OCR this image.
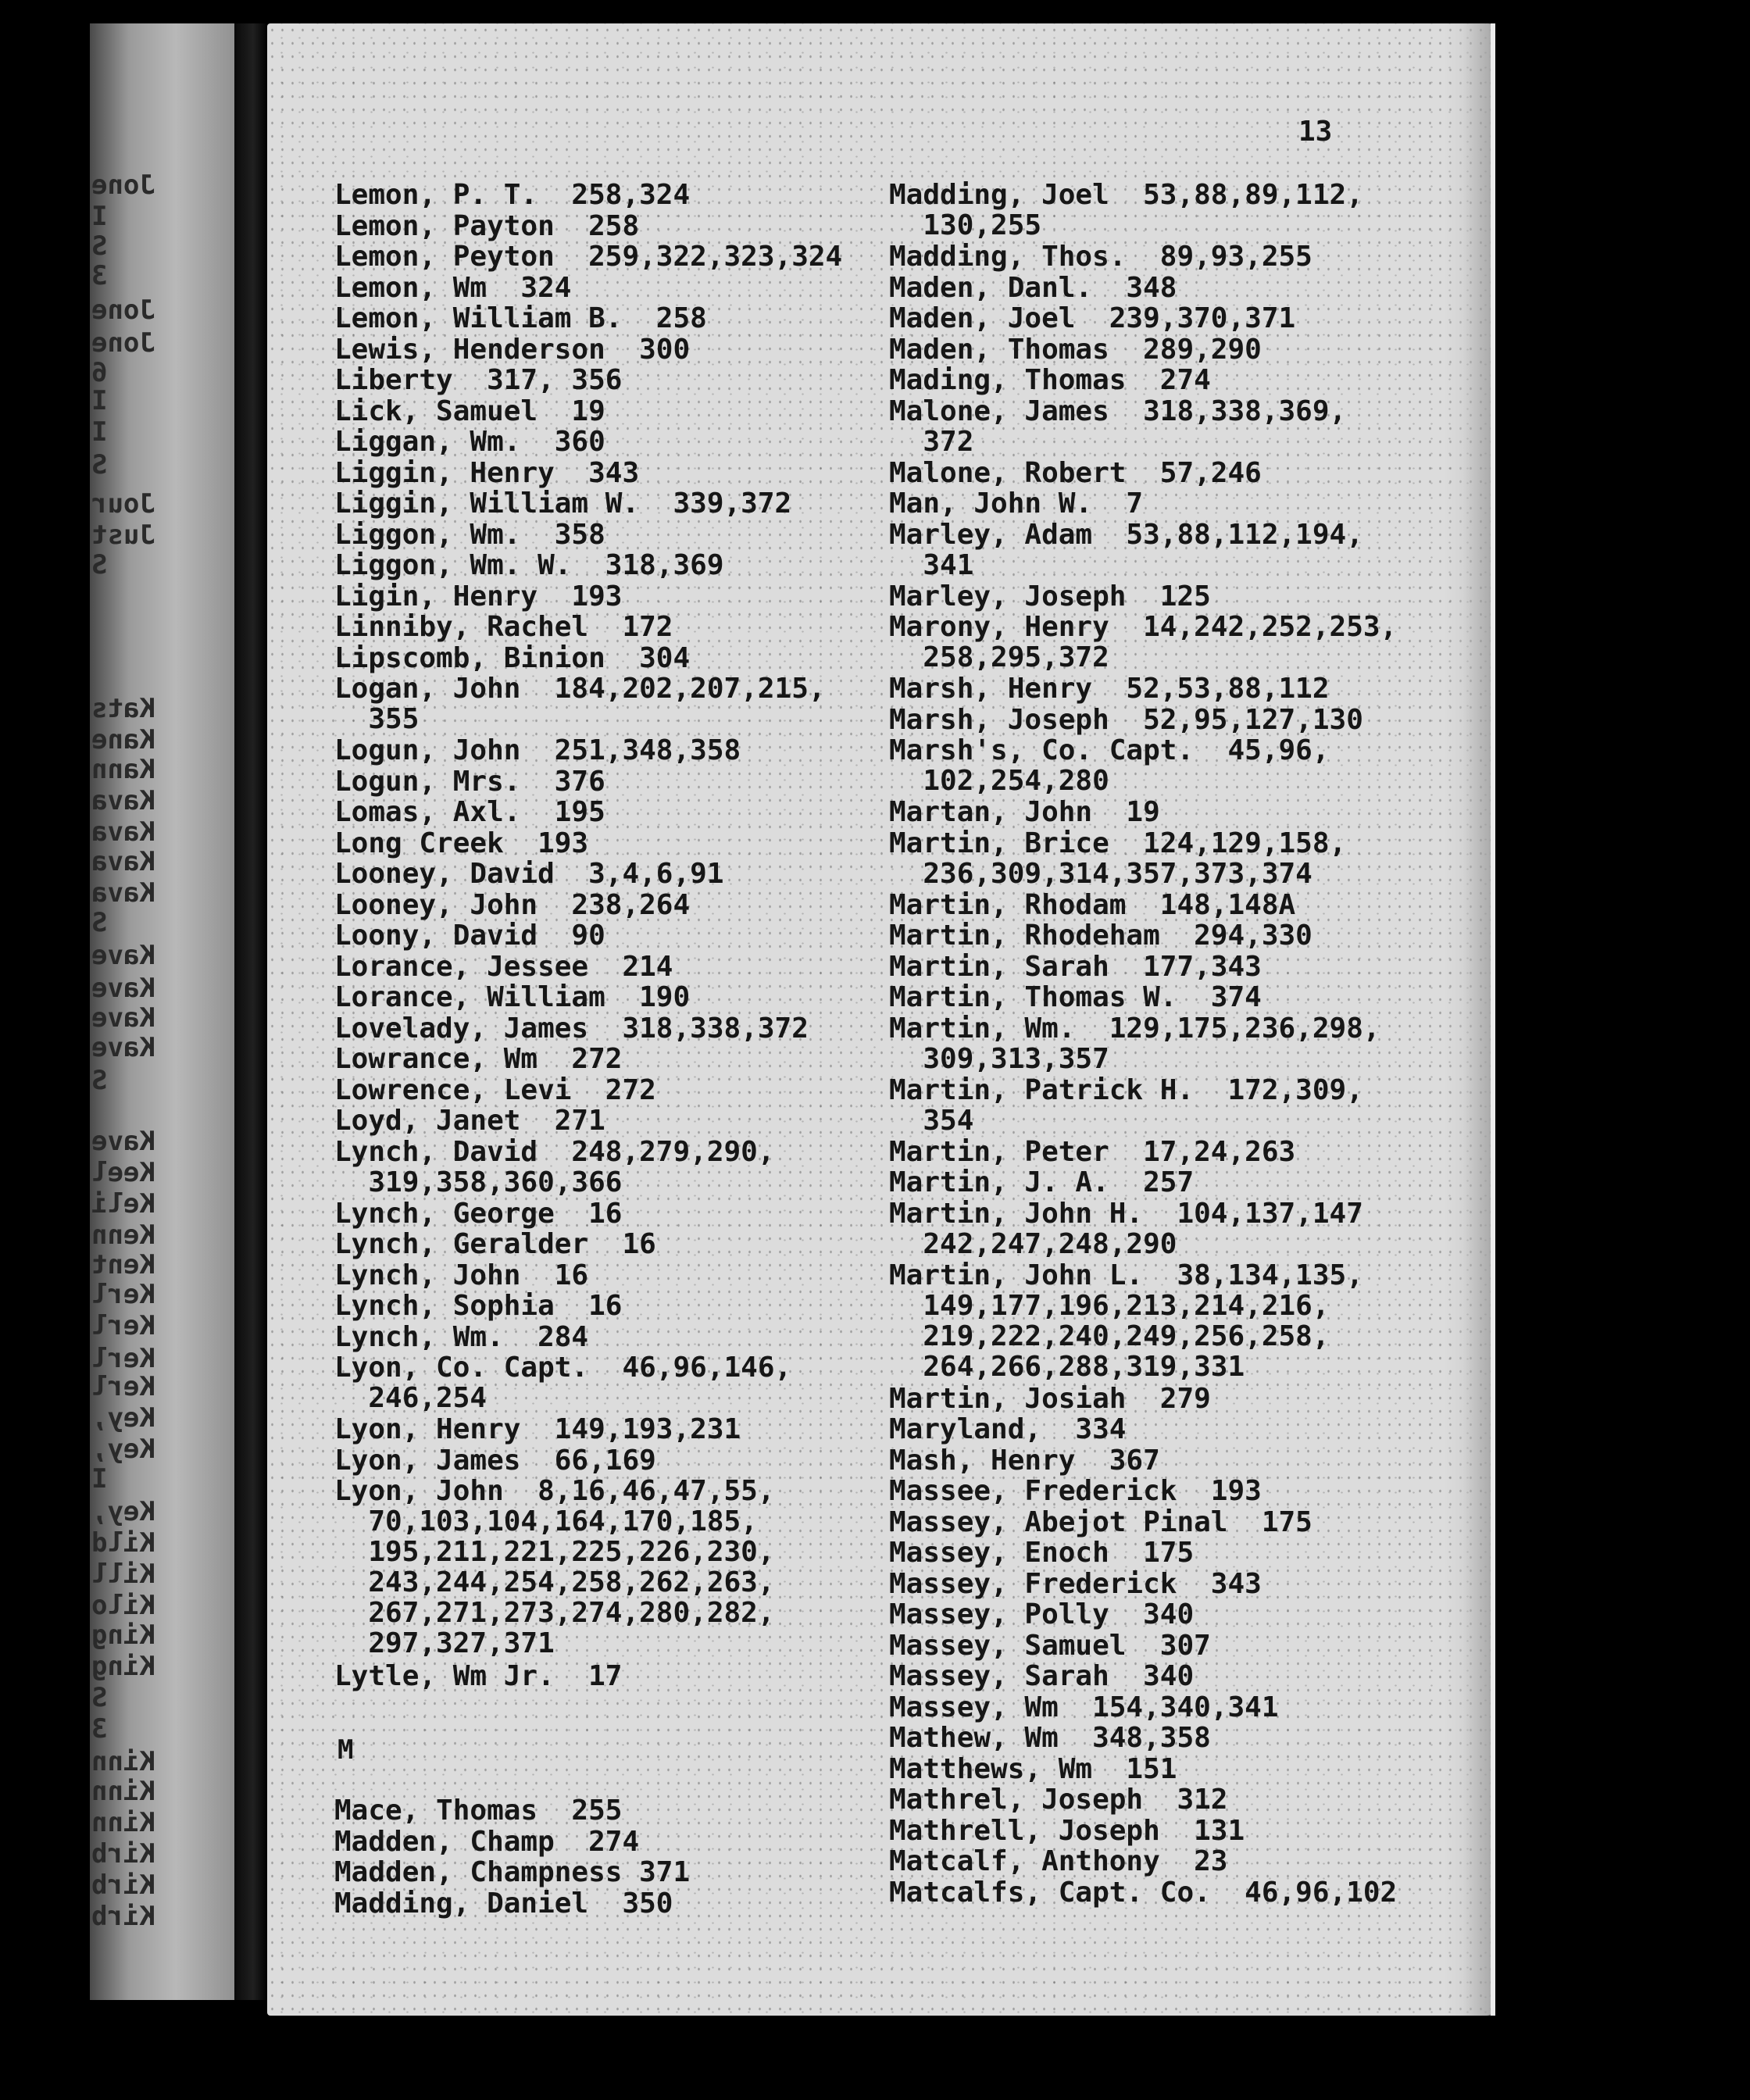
Jone
I
S
3
Jone
Jone
6
I
I
S
Jour
Just
S
Kats
Kane
Kann
Kava
Kava
Kava
Kava
S
Kave
Kave
Kave
Kave
S
Kave
Keel
Keli
Kenn
Kent
Kerl
Kerl
Kerl
Kerl
Key,
Key,
I
Key,
Kild
Kill
Kilo
King
King
S
3
Kinn
Kinn
Kinn
Kirb
Kirb
Kirb
13
Lemon, P. T.  258,324
Lemon, Payton  258
Lemon, Peyton  259,322,323,324
Lemon, Wm  324
Lemon, William B.  258
Lewis, Henderson  300
Liberty  317, 356
Lick, Samuel  19
Liggan, Wm.  360
Liggin, Henry  343
Liggin, William W.  339,372
Liggon, Wm.  358
Liggon, Wm. W.  318,369
Ligin, Henry  193
Linniby, Rachel  172
Lipscomb, Binion  304
Logan, John  184,202,207,215,
355
Logun, John  251,348,358
Logun, Mrs.  376
Lomas, Axl.  195
Long Creek  193
Looney, David  3,4,6,91
Looney, John  238,264
Loony, David  90
Lorance, Jessee  214
Lorance, William  190
Lovelady, James  318,338,372
Lowrance, Wm  272
Lowrence, Levi  272
Loyd, Janet  271
Lynch, David  248,279,290,
319,358,360,366
Lynch, George  16
Lynch, Geralder  16
Lynch, John  16
Lynch, Sophia  16
Lynch, Wm.  284
Lyon, Co. Capt.  46,96,146,
246,254
Lyon, Henry  149,193,231
Lyon, James  66,169
Lyon, John  8,16,46,47,55,
70,103,104,164,170,185,
195,211,221,225,226,230,
243,244,254,258,262,263,
267,271,273,274,280,282,
297,327,371
Lytle, Wm Jr.  17
M
Mace, Thomas  255
Madden, Champ  274
Madden, Champness 371
Madding, Daniel  350
Madding, Joel  53,88,89,112,
130,255
Madding, Thos.  89,93,255
Maden, Danl.  348
Maden, Joel  239,370,371
Maden, Thomas  289,290
Mading, Thomas  274
Malone, James  318,338,369,
372
Malone, Robert  57,246
Man, John W.  7
Marley, Adam  53,88,112,194,
341
Marley, Joseph  125
Marony, Henry  14,242,252,253,
258,295,372
Marsh, Henry  52,53,88,112
Marsh, Joseph  52,95,127,130
Marsh's, Co. Capt.  45,96,
102,254,280
Martan, John  19
Martin, Brice  124,129,158,
236,309,314,357,373,374
Martin, Rhodam  148,148A
Martin, Rhodeham  294,330
Martin, Sarah  177,343
Martin, Thomas W.  374
Martin, Wm.  129,175,236,298,
309,313,357
Martin, Patrick H.  172,309,
354
Martin, Peter  17,24,263
Martin, J. A.  257
Martin, John H.  104,137,147
242,247,248,290
Martin, John L.  38,134,135,
149,177,196,213,214,216,
219,222,240,249,256,258,
264,266,288,319,331
Martin, Josiah  279
Maryland,  334
Mash, Henry  367
Massee, Frederick  193
Massey, Abejot Pinal  175
Massey, Enoch  175
Massey, Frederick  343
Massey, Polly  340
Massey, Samuel  307
Massey, Sarah  340
Massey, Wm  154,340,341
Mathew, Wm  348,358
Matthews, Wm  151
Mathrel, Joseph  312
Mathrell, Joseph  131
Matcalf, Anthony  23
Matcalfs, Capt. Co.  46,96,102
